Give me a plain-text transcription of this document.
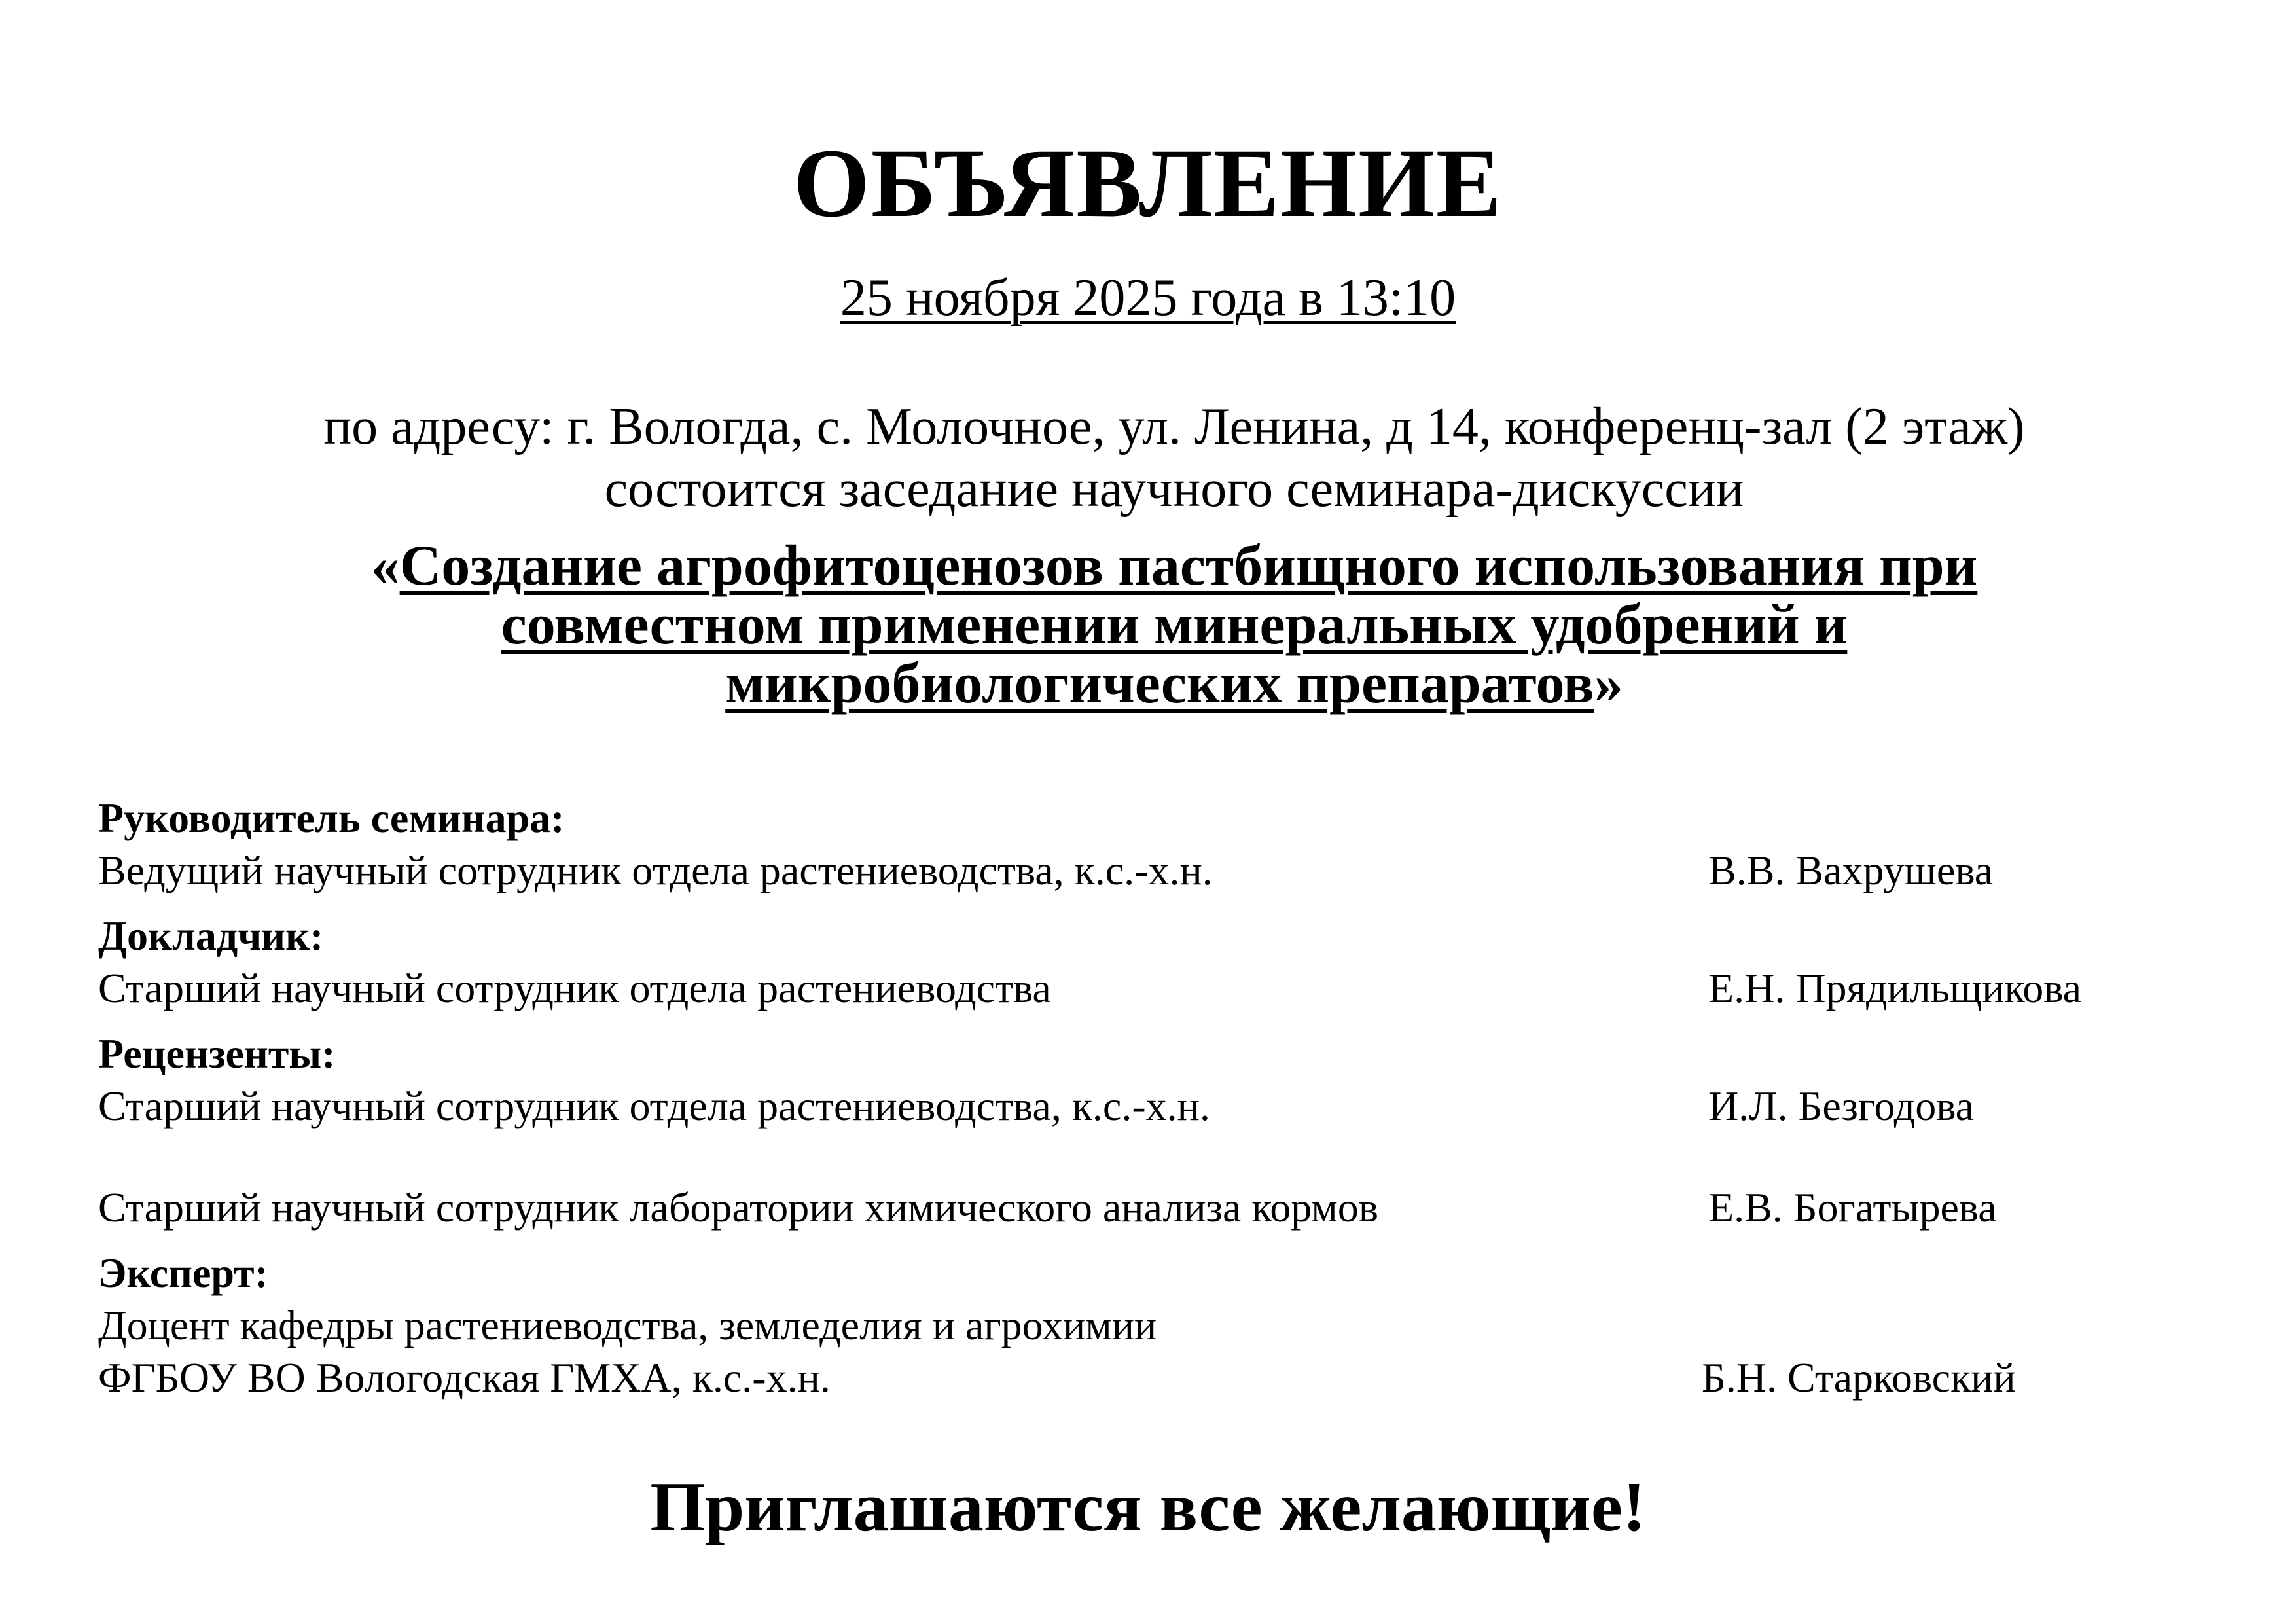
ОБЪЯВЛЕНИЕ
25 ноября 2025 года в 13:10
по адресу: г. Вологда, с. Молочное, ул. Ленина, д 14, конференц-зал (2 этаж)
состоится заседание научного семинара-дискуссии
«Создание агрофитоценозов пастбищного использования при
совместном применении минеральных удобрений и
микробиологических препаратов»
Руководитель семинара:
Ведущий научный сотрудник отдела растениеводства, к.с.-х.н.	В.В. Вахрушева
Докладчик:
Старший научный сотрудник отдела растениеводства	Е.Н. Прядильщикова
Рецензенты:
Старший научный сотрудник отдела растениеводства, к.с.-х.н.	И.Л. Безгодова
Старший научный сотрудник лаборатории химического анализа кормов	Е.В. Богатырева
Эксперт:
Доцент кафедры растениеводства, земледелия и агрохимии
ФГБОУ ВО Вологодская ГМХА, к.с.-х.н.	Б.Н. Старковский
Приглашаются все желающие!
